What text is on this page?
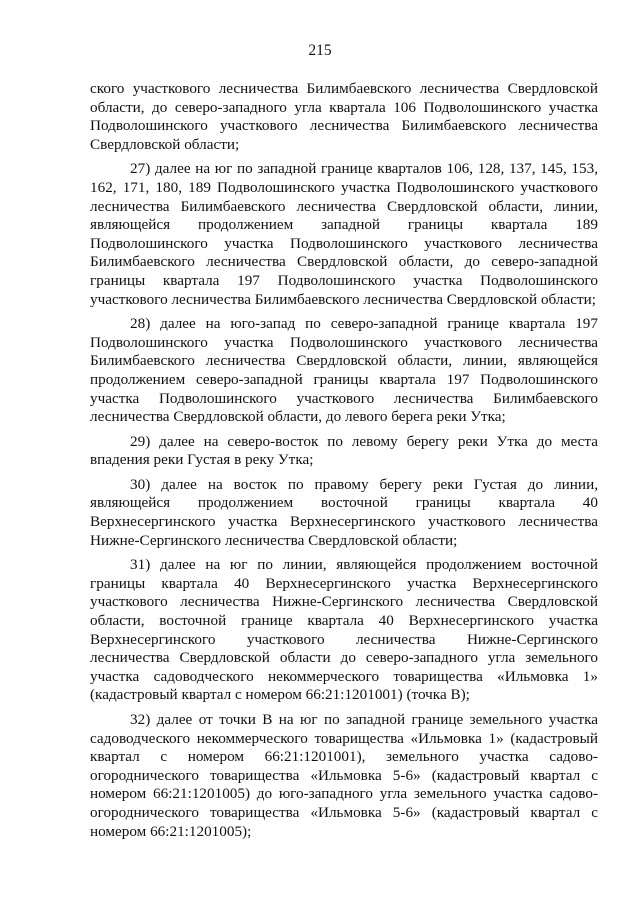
215

ского участкового лесничества Билимбаевского лесничества Свердловской области, до северо-западного угла квартала 106 Подволошинского участка Подволошинского участкового лесничества Билимбаевского лесничества Свердловской области;

27) далее на юг по западной границе кварталов 106, 128, 137, 145, 153, 162, 171, 180, 189 Подволошинского участка Подволошинского участкового лесничества Билимбаевского лесничества Свердловской области, линии, являющейся продолжением западной границы квартала 189 Подволошинского участка Подволошинского участкового лесничества Билимбаевского лесничества Свердловской области, до северо-западной границы квартала 197 Подволошинского участка Подволошинского участкового лесничества Билимбаевского лесничества Свердловской области;

28) далее на юго-запад по северо-западной границе квартала 197 Подволошинского участка Подволошинского участкового лесничества Билимбаевского лесничества Свердловской области, линии, являющейся продолжением северо-западной границы квартала 197 Подволошинского участка Подволошинского участкового лесничества Билимбаевского лесничества Свердловской области, до левого берега реки Утка;

29) далее на северо-восток по левому берегу реки Утка до места впадения реки Густая в реку Утка;

30) далее на восток по правому берегу реки Густая до линии, являющейся продолжением восточной границы квартала 40 Верхнесергинского участка Верхнесергинского участкового лесничества Нижне-Сергинского лесничества Свердловской области;

31) далее на юг по линии, являющейся продолжением восточной границы квартала 40 Верхнесергинского участка Верхнесергинского участкового лесничества Нижне-Сергинского лесничества Свердловской области, восточной границе квартала 40 Верхнесергинского участка Верхнесергинского участкового лесничества Нижне-Сергинского лесничества Свердловской области до северо-западного угла земельного участка садоводческого некоммерческого товарищества «Ильмовка 1» (кадастровый квартал с номером 66:21:1201001) (точка В);

32) далее от точки В на юг по западной границе земельного участка садоводческого некоммерческого товарищества «Ильмовка 1» (кадастровый квартал с номером 66:21:1201001), земельного участка садово-огороднического товарищества «Ильмовка 5-6» (кадастровый квартал с номером 66:21:1201005) до юго-западного угла земельного участка садово-огороднического товарищества «Ильмовка 5-6» (кадастровый квартал с номером 66:21:1201005);
